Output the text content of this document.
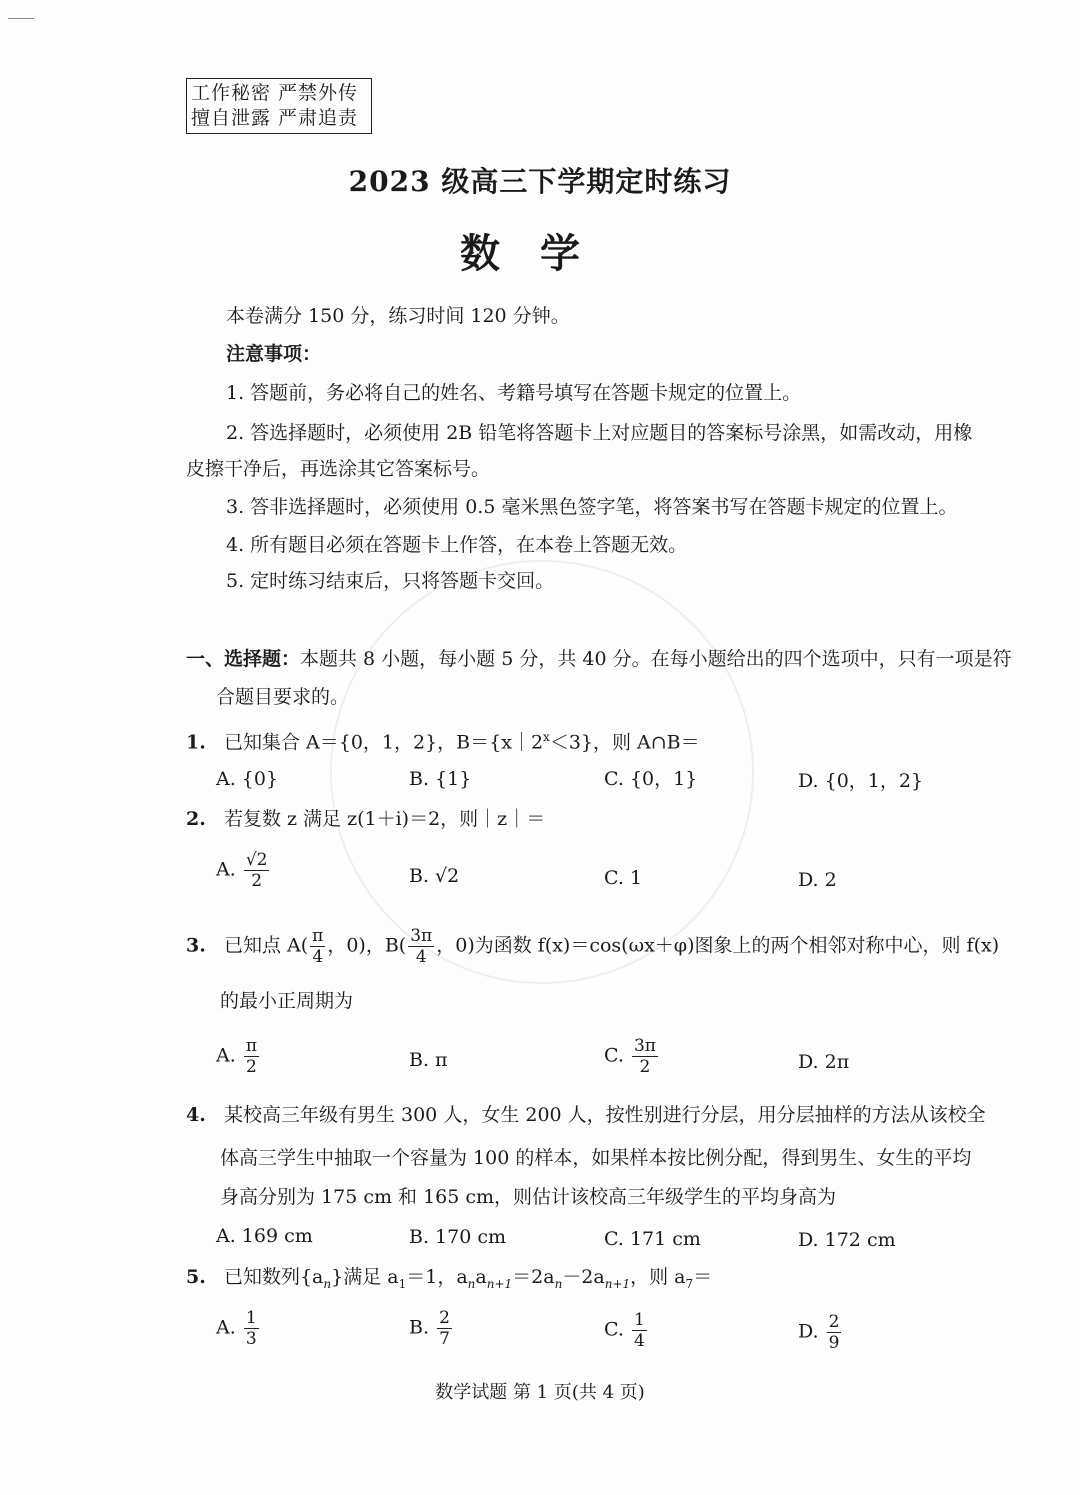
工作秘密 严禁外传
擅自泄露 严肃追责
2023 级高三下学期定时练习
数学
本卷满分 150 分，练习时间 120 分钟。
注意事项：
1. 答题前，务必将自己的姓名、考籍号填写在答题卡规定的位置上。
2. 答选择题时，必须使用 2B 铅笔将答题卡上对应题目的答案标号涂黑，如需改动，用橡
皮擦干净后，再选涂其它答案标号。
3. 答非选择题时，必须使用 0.5 毫米黑色签字笔，将答案书写在答题卡规定的位置上。
4. 所有题目必须在答题卡上作答，在本卷上答题无效。
5. 定时练习结束后，只将答题卡交回。
一、选择题：本题共 8 小题，每小题 5 分，共 40 分。在每小题给出的四个选项中，只有一项是符
合题目要求的。
1. 已知集合 A＝{0，1，2}，$B=\{x|2^x<3\}$，则 A∩B＝
A. {0}	B. {1}	C. {0，1}	D. {0，1，2}
2. 若复数 z 满足 z(1＋i)＝2，则｜z｜＝
A. $\frac{√2}{2}$	B. √2	C. 1	D. 2
3. 已知点 $A( \frac{\pi}{4}$ ，0)，$B( \frac{3\pi}{4}$ ，0)为函数 f(x)＝cos(ωx＋φ)图象上的两个相邻对称中心，则 f(x)
的最小正周期为
A. $\frac{\pi}{2}$	B. π	C. $\frac{3\pi}{2}$	D. 2π
4. 某校高三年级有男生 300 人，女生 200 人，按性别进行分层，用分层抽样的方法从该校全
体高三学生中抽取一个容量为 100 的样本，如果样本按比例分配，得到男生、女生的平均
身高分别为 175 cm 和 165 cm，则估计该校高三年级学生的平均身高为
A. 169 cm	B. 170 cm	C. 171 cm	D. 172 cm
5. 已知数列$\{a_n\}$满足 $a_1=1$，$a_na_{n+1}=2a_n-2a_{n+1}$，则 $a_7=$
A. $\frac{1}{3}$	B. $\frac{2}{7}$	C. $\frac{1}{4}$	D. $\frac{2}{9}$
数学试题 第 1 页(共 4 页)
